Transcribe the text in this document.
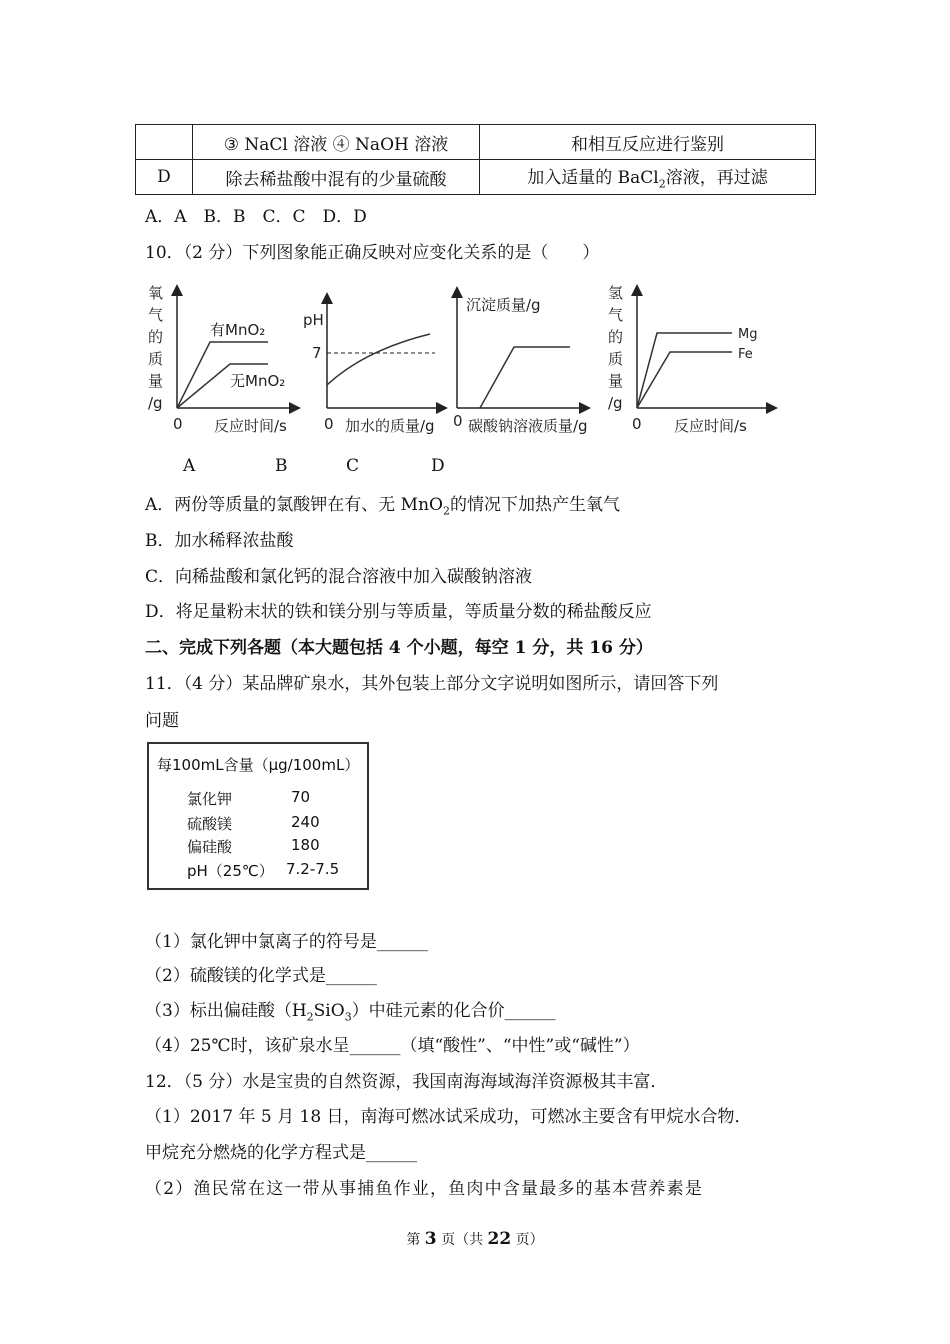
	③ NaCl 溶液 ④ NaOH 溶液	和相互反应进行鉴别
D	除去稀盐酸中混有的少量硫酸	加入适量的 BaCl$_2$溶液，再过滤
A．A　B．B　C．C　D．D
10．（2 分）下列图象能正确反映对应变化关系的是（　　）
氧气的质量/g
有MnO₂
无MnO₂
0 反应时间/s
pH
7
0 加水的质量/g
沉淀质量/g
0 碳酸钠溶液质量/g
氢气的质量/g
Mg
Fe
0 反应时间/s
A	B	C	D
A．两份等质量的氯酸钾在有、无 MnO$_2$的情况下加热产生氧气
B．加水稀释浓盐酸
C．向稀盐酸和氯化钙的混合溶液中加入碳酸钠溶液
D．将足量粉末状的铁和镁分别与等质量，等质量分数的稀盐酸反应
二、完成下列各题（本大题包括 4 个小题，每空 1 分，共 16 分）
11．（4 分）某品牌矿泉水，其外包装上部分文字说明如图所示，请回答下列
问题
每100mL含量（μg/100mL）
氯化钾	70
硫酸镁	240
偏硅酸	180
pH（25℃） 7.2-7.5
（1）氯化钾中氯离子的符号是______
（2）硫酸镁的化学式是______
（3）标出偏硅酸$(H_2SiO_3)$中硅元素的化合价______
（4）25℃时，该矿泉水呈______（填“酸性”、“中性”或“碱性”）
12．（5 分）水是宝贵的自然资源，我国南海海域海洋资源极其丰富．
（1）2017 年 5 月 18 日，南海可燃冰试采成功，可燃冰主要含有甲烷水合物．
甲烷充分燃烧的化学方程式是______
（2）渔民常在这一带从事捕鱼作业，鱼肉中含量最多的基本营养素是
第 3 页（共 22 页）
